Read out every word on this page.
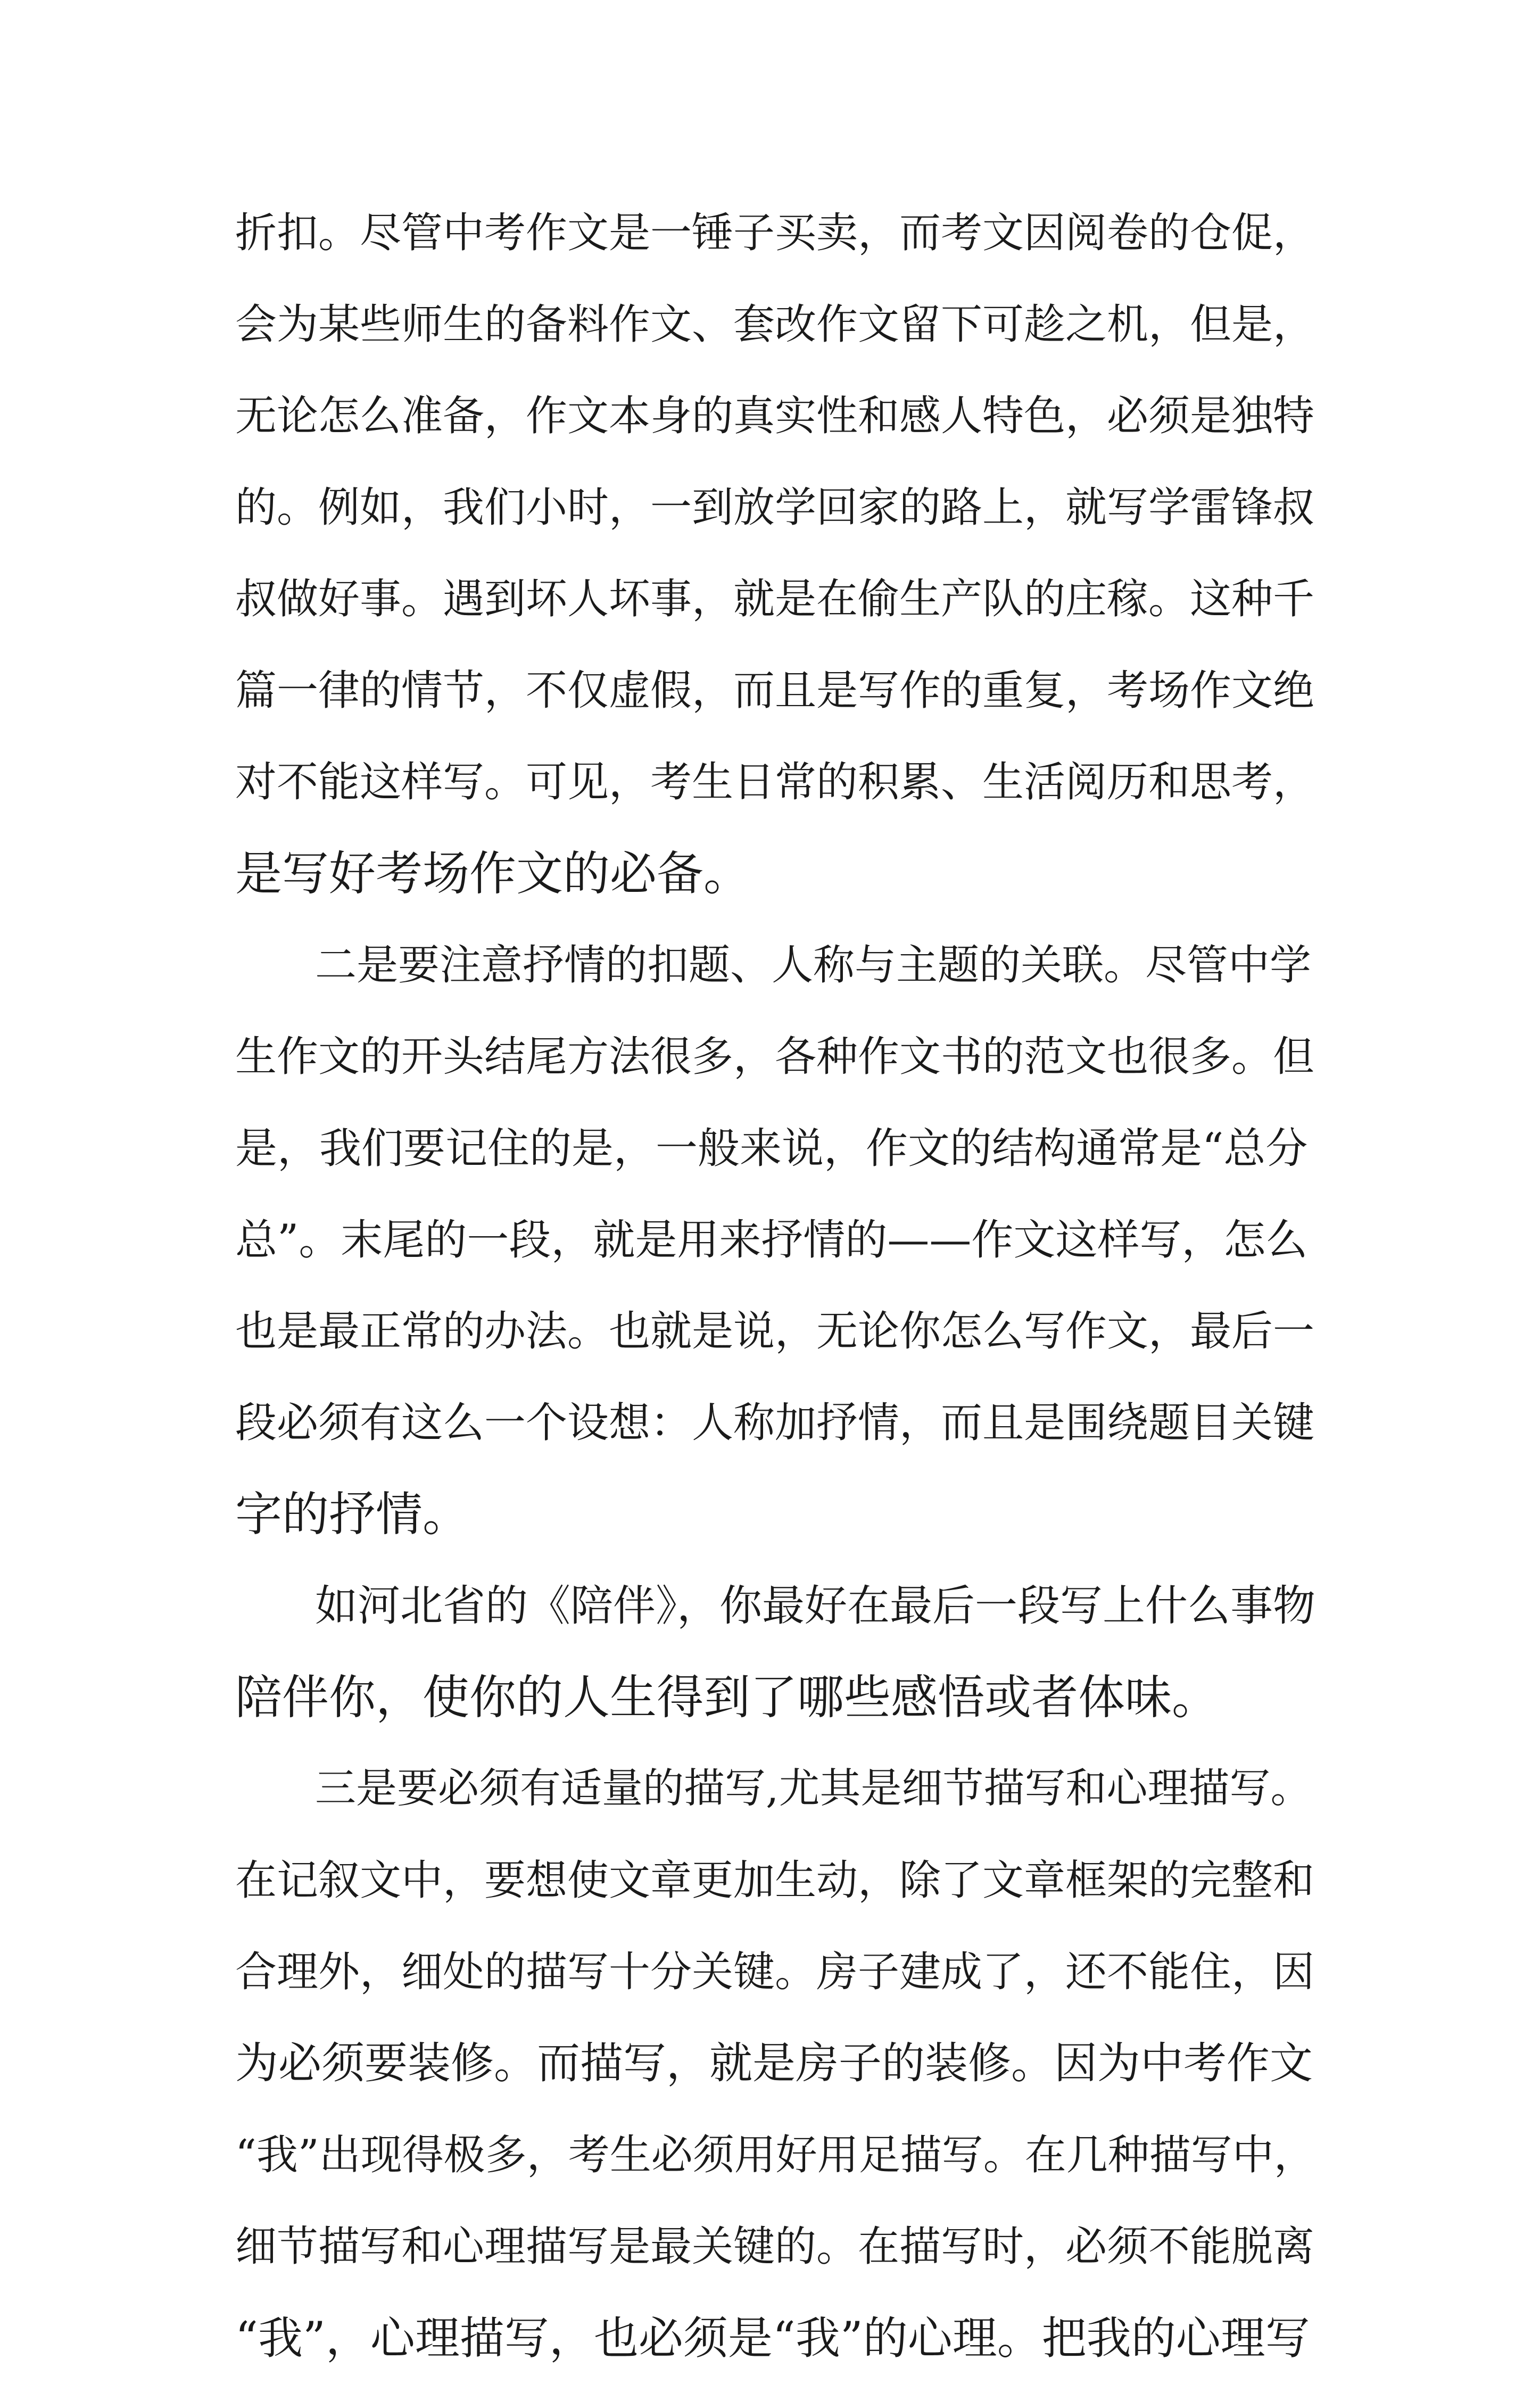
折扣。尽管中考作文是一锤子买卖，而考文因阅卷的仓促，
会为某些师生的备料作文、套改作文留下可趁之机，但是，
无论怎么准备，作文本身的真实性和感人特色，必须是独特
的。例如，我们小时，一到放学回家的路上，就写学雷锋叔
叔做好事。遇到坏人坏事，就是在偷生产队的庄稼。这种千
篇一律的情节，不仅虚假，而且是写作的重复，考场作文绝
对不能这样写。可见，考生日常的积累、生活阅历和思考，
是写好考场作文的必备。
二是要注意抒情的扣题、人称与主题的关联。尽管中学
生作文的开头结尾方法很多，各种作文书的范文也很多。但
是，我们要记住的是，一般来说，作文的结构通常是“总分
总”。末尾的一段，就是用来抒情的——作文这样写，怎么
也是最正常的办法。也就是说，无论你怎么写作文，最后一
段必须有这么一个设想：人称加抒情，而且是围绕题目关键
字的抒情。
如河北省的《陪伴》，你最好在最后一段写上什么事物
陪伴你，使你的人生得到了哪些感悟或者体味。
三是要必须有适量的描写,尤其是细节描写和心理描写。
在记叙文中，要想使文章更加生动，除了文章框架的完整和
合理外，细处的描写十分关键。房子建成了，还不能住，因
为必须要装修。而描写，就是房子的装修。因为中考作文
“我”出现得极多，考生必须用好用足描写。在几种描写中，
细节描写和心理描写是最关键的。在描写时，必须不能脱离
“我”，心理描写，也必须是“我”的心理。把我的心理写
